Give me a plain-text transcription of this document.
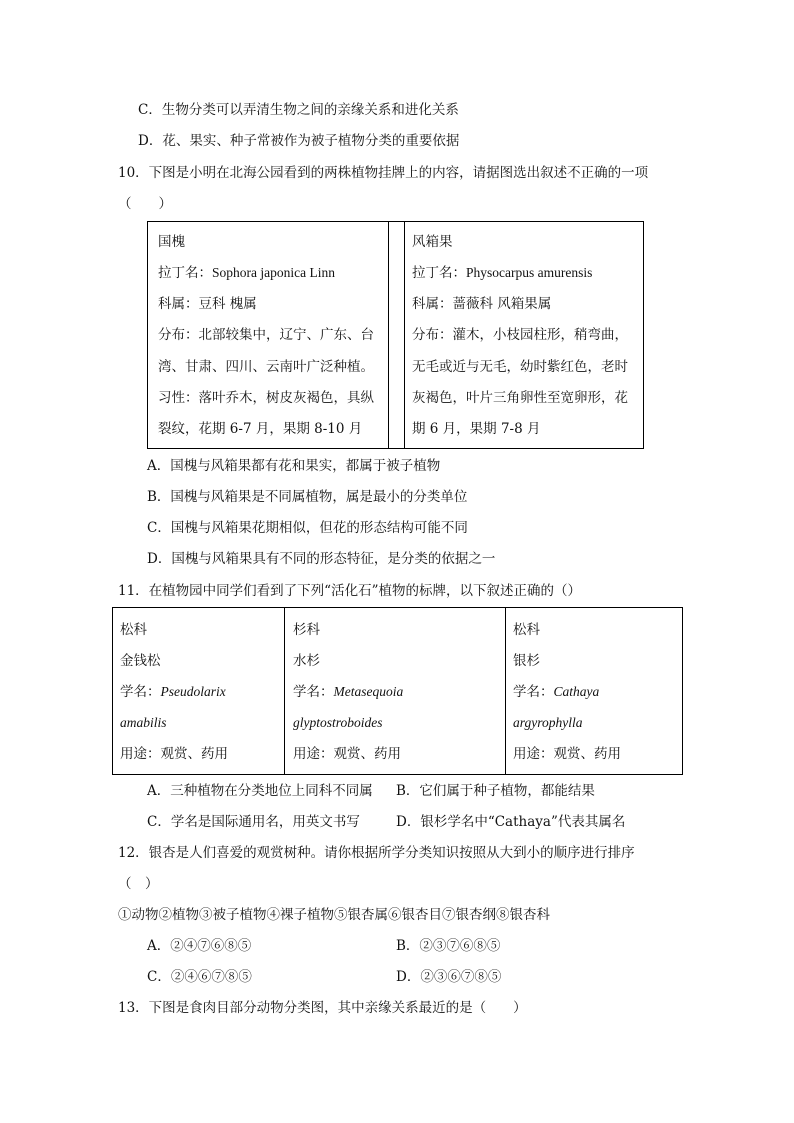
C．生物分类可以弄清生物之间的亲缘关系和进化关系
D．花、果实、种子常被作为被子植物分类的重要依据
10．下图是小明在北海公园看到的两株植物挂牌上的内容，请据图选出叙述不正确的一项
（　　）
国槐
拉丁名：Sophora japonica Linn
科属：豆科 槐属
分布：北部较集中，辽宁、广东、台
湾、甘肃、四川、云南叶广泛种植。
习性：落叶乔木，树皮灰褐色，具纵
裂纹，花期 6-7 月，果期 8-10 月
风箱果
拉丁名：Physocarpus amurensis
科属：蔷薇科 风箱果属
分布：灌木，小枝园柱形，稍弯曲，
无毛或近与无毛，幼时紫红色，老时
灰褐色，叶片三角卵性至宽卵形，花
期 6 月，果期 7-8 月
A．国槐与风箱果都有花和果实，都属于被子植物
B．国槐与风箱果是不同属植物，属是最小的分类单位
C．国槐与风箱果花期相似，但花的形态结构可能不同
D．国槐与风箱果具有不同的形态特征，是分类的依据之一
11．在植物园中同学们看到了下列“活化石”植物的标牌，以下叙述正确的（）
松科
金钱松
学名：Pseudolarix
amabilis
用途：观赏、药用
杉科
水杉
学名：Metasequoia
glyptostroboides
用途：观赏、药用
松科
银杉
学名：Cathaya
argyrophylla
用途：观赏、药用
A．三种植物在分类地位上同科不同属 B．它们属于种子植物，都能结果
C．学名是国际通用名，用英文书写	D．银杉学名中“Cathaya”代表其属名
12．银杏是人们喜爱的观赏树种。请你根据所学分类知识按照从大到小的顺序进行排序
（　）
①动物②植物③被子植物④裸子植物⑤银杏属⑥银杏目⑦银杏纲⑧银杏科
A．②④⑦⑥⑧⑤	B．②③⑦⑥⑧⑤
C．②④⑥⑦⑧⑤	D．②③⑥⑦⑧⑤
13．下图是食肉目部分动物分类图，其中亲缘关系最近的是（　　）
